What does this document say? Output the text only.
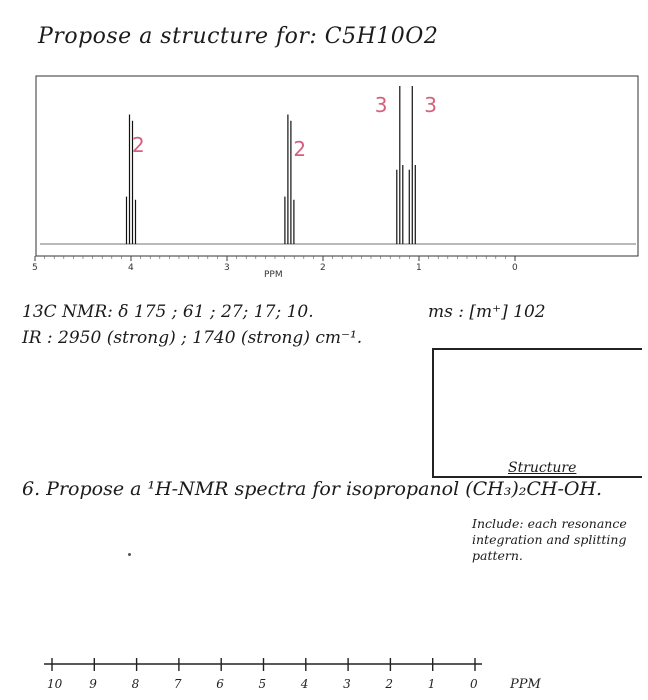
Propose a structure for: C5H10O2
5	4	3	2	1	0
2	2
3 3
PPM
10 9	8	7	6	5	4	3	2	1	0 PPM
13C NMR: δ 175 ; 61 ; 27; 17; 10.
IR : 2950 (strong) ; 1740 (strong) cm⁻¹.
ms : [m⁺] 102
Structure
6. Propose a ¹H-NMR spectra for isopropanol (CH₃)₂CH-OH.
Include: each resonance integration and splitting pattern.
